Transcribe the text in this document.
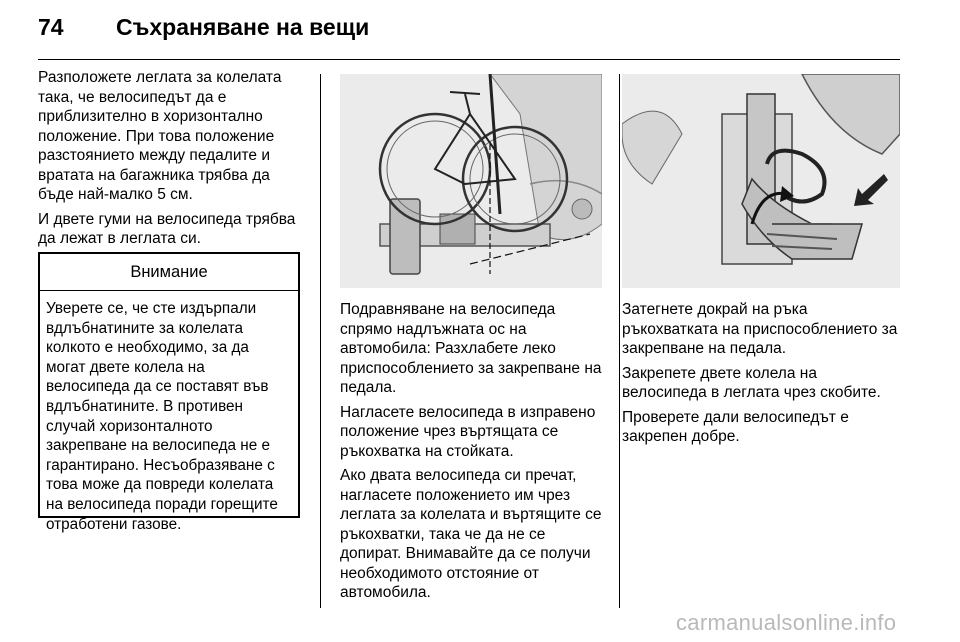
74	Съхраняване на вещи

Разположете леглата за колелата така, че велосипедът да е приблизително в хоризонтално положение. При това положение разстоянието между педалите и вратата на багажника трябва да бъде най-малко 5 см.

И двете гуми на велосипеда трябва да лежат в леглата си.

Внимание
Уверете се, че сте издърпали вдлъбнатините за колелата колкото е необходимо, за да могат двете колела на велосипеда да се поставят във вдлъбнатините. В противен случай хоризонталното закрепване на велосипеда не е гарантирано. Несъобразяване с това може да повреди колелата на велосипеда поради горещите отработени газове.

Подравняване на велосипеда спрямо надлъжната ос на автомобила: Разхлабете леко приспособлението за закрепване на педала.

Нагласете велосипеда в изправено положение чрез въртящата се ръкохватка на стойката.

Ако двата велосипеда си пречат, нагласете положението им чрез леглата за колелата и въртящите се ръкохватки, така че да не се допират. Внимавайте да се получи необходимото отстояние от автомобила.

Затегнете докрай на ръка ръкохватката на приспособлението за закрепване на педала.

Закрепете двете колела на велосипеда в леглата чрез скобите.

Проверете дали велосипедът е закрепен добре.

carmanualsonline.info
